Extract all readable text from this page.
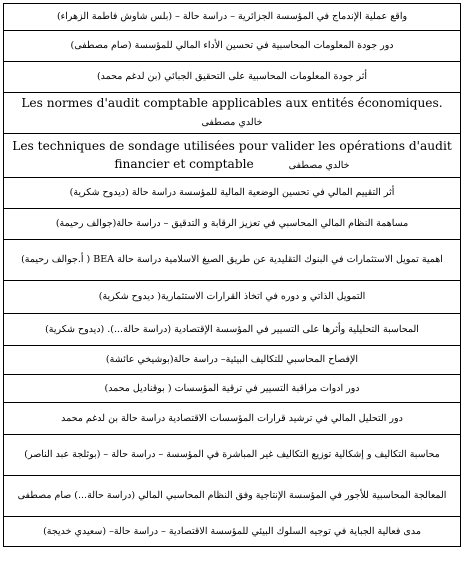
واقع عملية الإندماج في المؤسسة الجزائرية – دراسة حالة – (بلس شاوش فاطمة الزهراء)
دور جودة المعلومات المحاسبية في تحسين الأداء المالي للمؤسسة (صام مصطفى)
أثر جودة المعلومات المحاسبية على التحقيق الجبائي (بن لدغم محمد)
Les normes d'audit comptable applicables aux entités économiques. خالدي مصطفى
Les techniques de sondage utilisées pour valider les opérations d'audit
financier et comptable	خالدي مصطفى
أثر التقييم المالي في تحسين الوضعية المالية للمؤسسة دراسة حالة (ديدوح شكرية)
مساهمة النظام المالي المحاسبي في تعزيز الرقابة و التدقيق – دراسة حالة(جوالف رحيمة)
اهمية تمويل الاستثمارات في البنوك التقليدية عن طريق الصيغ الاسلامية دراسة حالة BEA ( أ.جوالف رحيمة)
التمويل الذاتي و دوره في اتخاذ القرارات الاستثمارية( ديدوح شكرية)
المحاسبة التحليلية وأثرها على التسيير في المؤسسة الإقتصادية (دراسة حالة...). (ديدوح شكرية)
الإفصاح المحاسبي للتكاليف البيئية– دراسة حالة(بوشيخي عائشة)
دور ادوات مراقبة التسيير في ترقية المؤسسات ( بوقناديل محمد)
دور التحليل المالي في ترشيد قرارات المؤسسات الاقتصادية دراسة حالة بن لدغم محمد
محاسبة التكاليف و إشكالية توزيع التكاليف غير المباشرة في المؤسسة – دراسة حالة – (بوثلجة عبد الناصر)
المعالجة المحاسبية للأجور في المؤسسة الإنتاجية وفق النظام المحاسبي المالي (دراسة حالة...) صام مصطفى
مدى فعالية الجباية في توجيه السلوك البيئي للمؤسسة الاقتصادية – دراسة حالة– (سعيدي خديجة)
